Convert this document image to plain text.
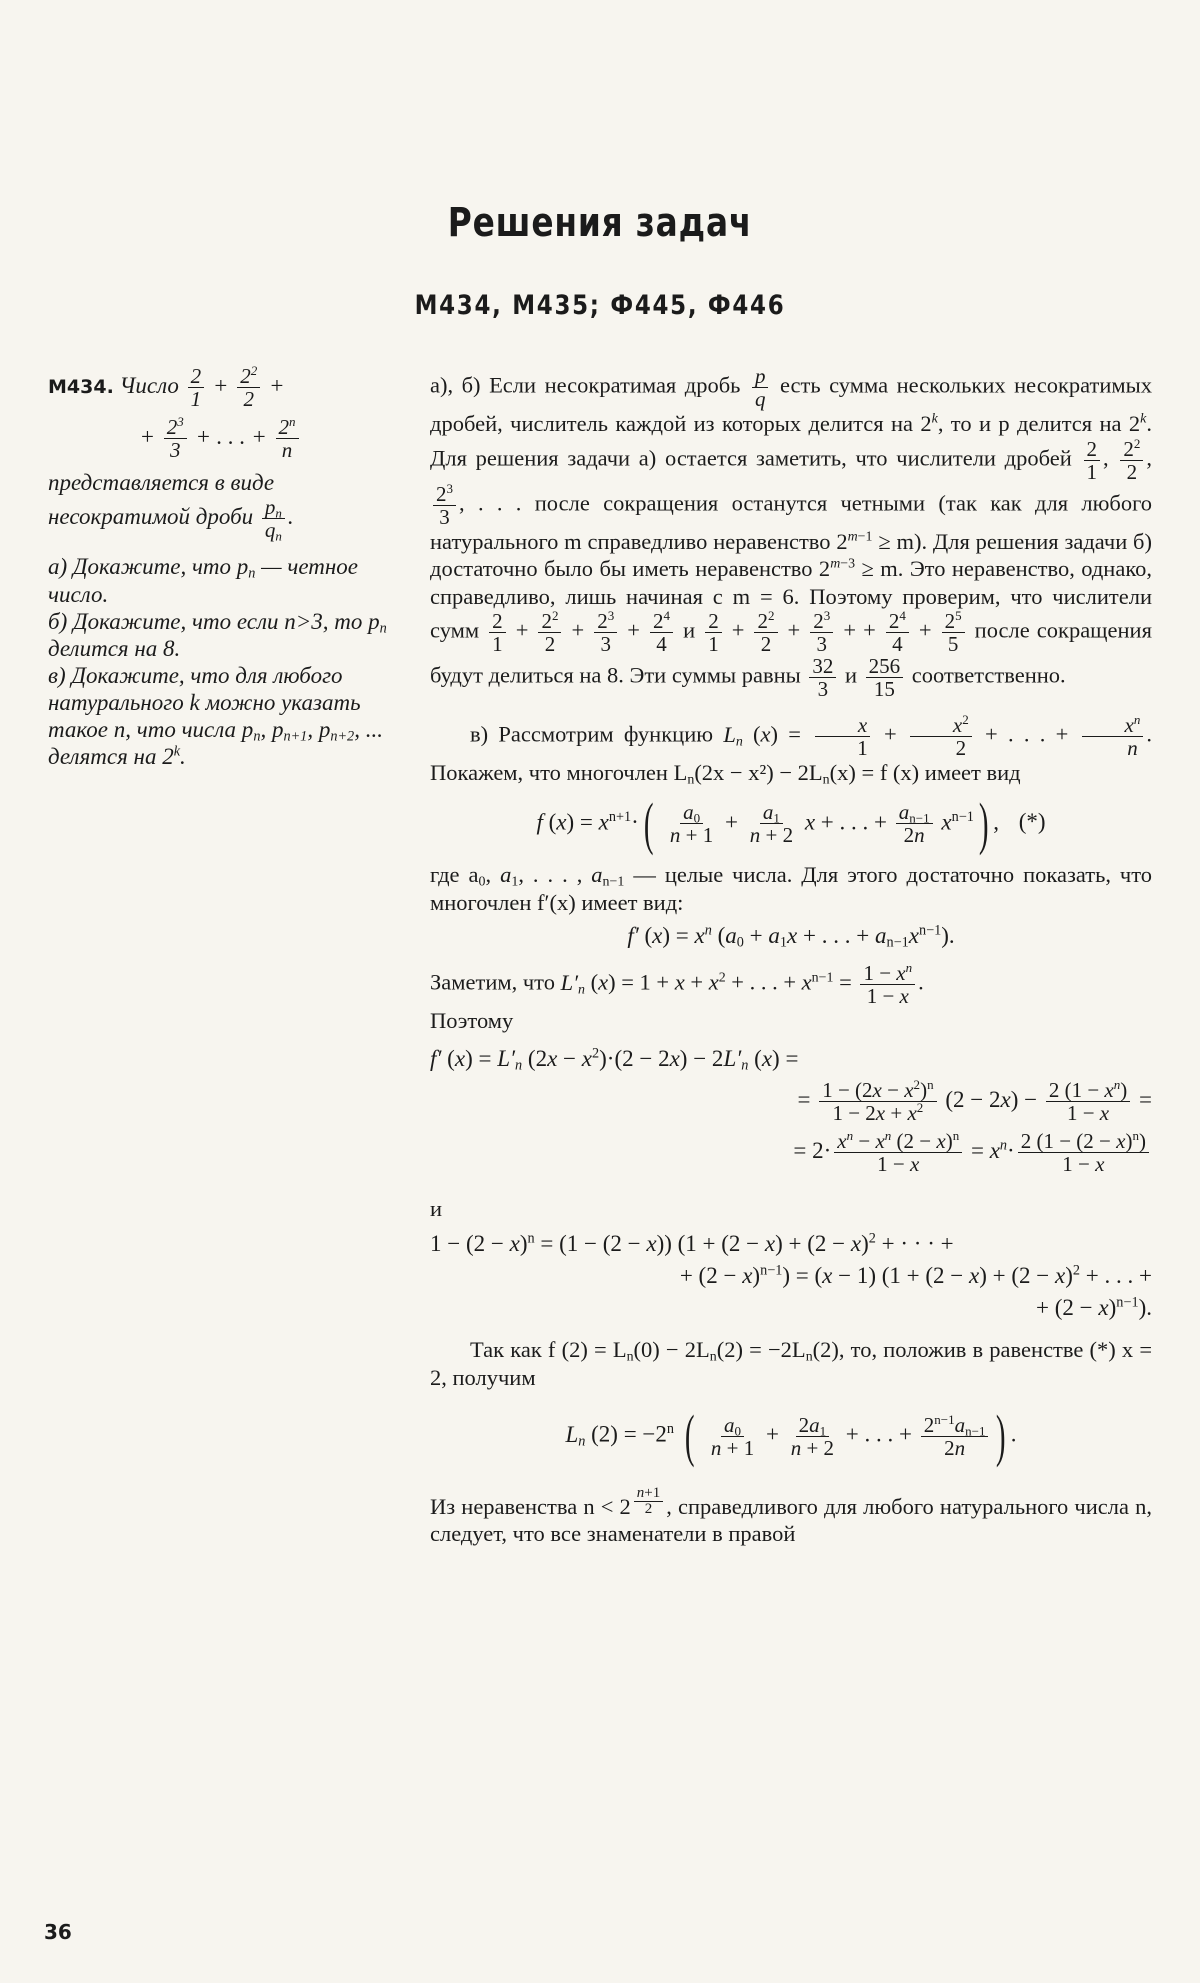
Решения задач
М434, М435; Ф445, Ф446

М434. Число $\frac{2}{1} + \frac{2^2}{2}$ +

+ $\frac{2^3}{3}$ + . . . + $\frac{2^n}{n}$

представляется в виде несократимой дроби $\frac{p_n}{q_n}$ .

а) Докажите, что $p_n$ — четное число.

б) Докажите, что если n>3, то $p_n$ делится на 8.

в) Докажите, что для любого натурального k можно указать такое n, что числа $p_n$, $p_{n+1}$, $p_{n+2}$, ... делятся на 2$^k$.

а), б) Если несократимая дробь $\frac{p}{q}$ есть сумма нескольких несократимых дробей, числитель каждой из которых делится на 2$^k$, то и p делится на 2$^k$. Для решения задачи а) остается заметить, что числители дробей $\frac{2}{1}$ , $\frac{2^2}{2}$ ,
$\frac{2^3}{3}$ , . . . после сокращения останутся четными (так как для любого натурального m справедливо неравенство $2^{m-1} \ge m$). Для решения задачи б) достаточно было бы иметь неравенство $2^{m-3} \ge m$. Это неравенство, однако, справедливо, лишь начиная с m = 6. Поэтому проверим, что числители сумм $\frac{2}{1} + \frac{2^2}{2} + \frac{2^3}{3} + \frac{2^4}{4}$ и $\frac{2}{1} + \frac{2^2}{2} + \frac{2^3}{3}$ + + $\frac{2^4}{4} + \frac{2^5}{5}$ после сокращения будут делиться на 8. Эти суммы равны $\frac{32}{3}$ и $\frac{256}{15}$ соответственно.

в) Рассмотрим функцию $L_n$ $(x) = \frac{x}{1} + \frac{x^2}{2}$ + . . . + $\frac{x^n}{n}$ . Покажем, что многочлен $L_n(2x - x^2) - 2L_n(x) = f$ (x) имеет вид

f $(x) = x^{n+1}\cdot( \frac{a_0}{n + 1} + \frac{a_1}{n + 2}$ x + . . . + $\frac{a_{n-1}}{2n} x^{n-1}$) , (*)

где $a_0$, $a_1$, . . . , $a_{n-1}$ — целые числа. Для этого достаточно показать, что многочлен f′(x) имеет вид:

f′ $(x) = x^n$ ($a_0 + a_1x$ + . . . + $a_{n-1}x^{n-1}$).

Заметим, что $L'_n$ $(x) = 1 + x + x^2$ + . . . + $x^{n-1} = \frac{1 - x^n}{1 - x}$ .
Поэтому

f′ $(x) = L'_n$ $(2x - x^2)\cdot(2 - 2x) - 2L'_n$ (x) =
= $\frac{1 - (2x - x^2)^n}{1 - 2x + x^2} (2 - 2x) - \frac{2 (1 - x^n)}{1 - x}$ =
= $2\cdot \frac{x^n - x^n (2 - x)^n}{1 - x} = x^n\cdot \frac{2 (1 - (2 - x)^n)}{1 - x}$

и

$1 - (2 - x)^n = (1 - (2 - x))$ ($1 + (2 - x) + (2 - x)^2$ + · · · +
+ $(2 - x)^{n-1}) = (x - 1)$ ($1 + (2 - x) + (2 - x)^2$ + . . . +
+ $(2 - x)^{n-1}$).

Так как f $(2) = L_n(0) - 2L_n(2) = -2L_n(2)$, то, положив в равенстве (*) x = 2, получим

$L_n$ $(2) = -2^n$ ( $\frac{a_0}{n + 1} + \frac{2a_1}{n + 2}$ + . . . + $\frac{2^{n-1}a_{n-1}}{2n}$ ) .

Из неравенства n < 2 $^{\frac{n+1}{2}}$ , справедливого для любого натурального числа n, следует, что все знаменатели в правой

36
